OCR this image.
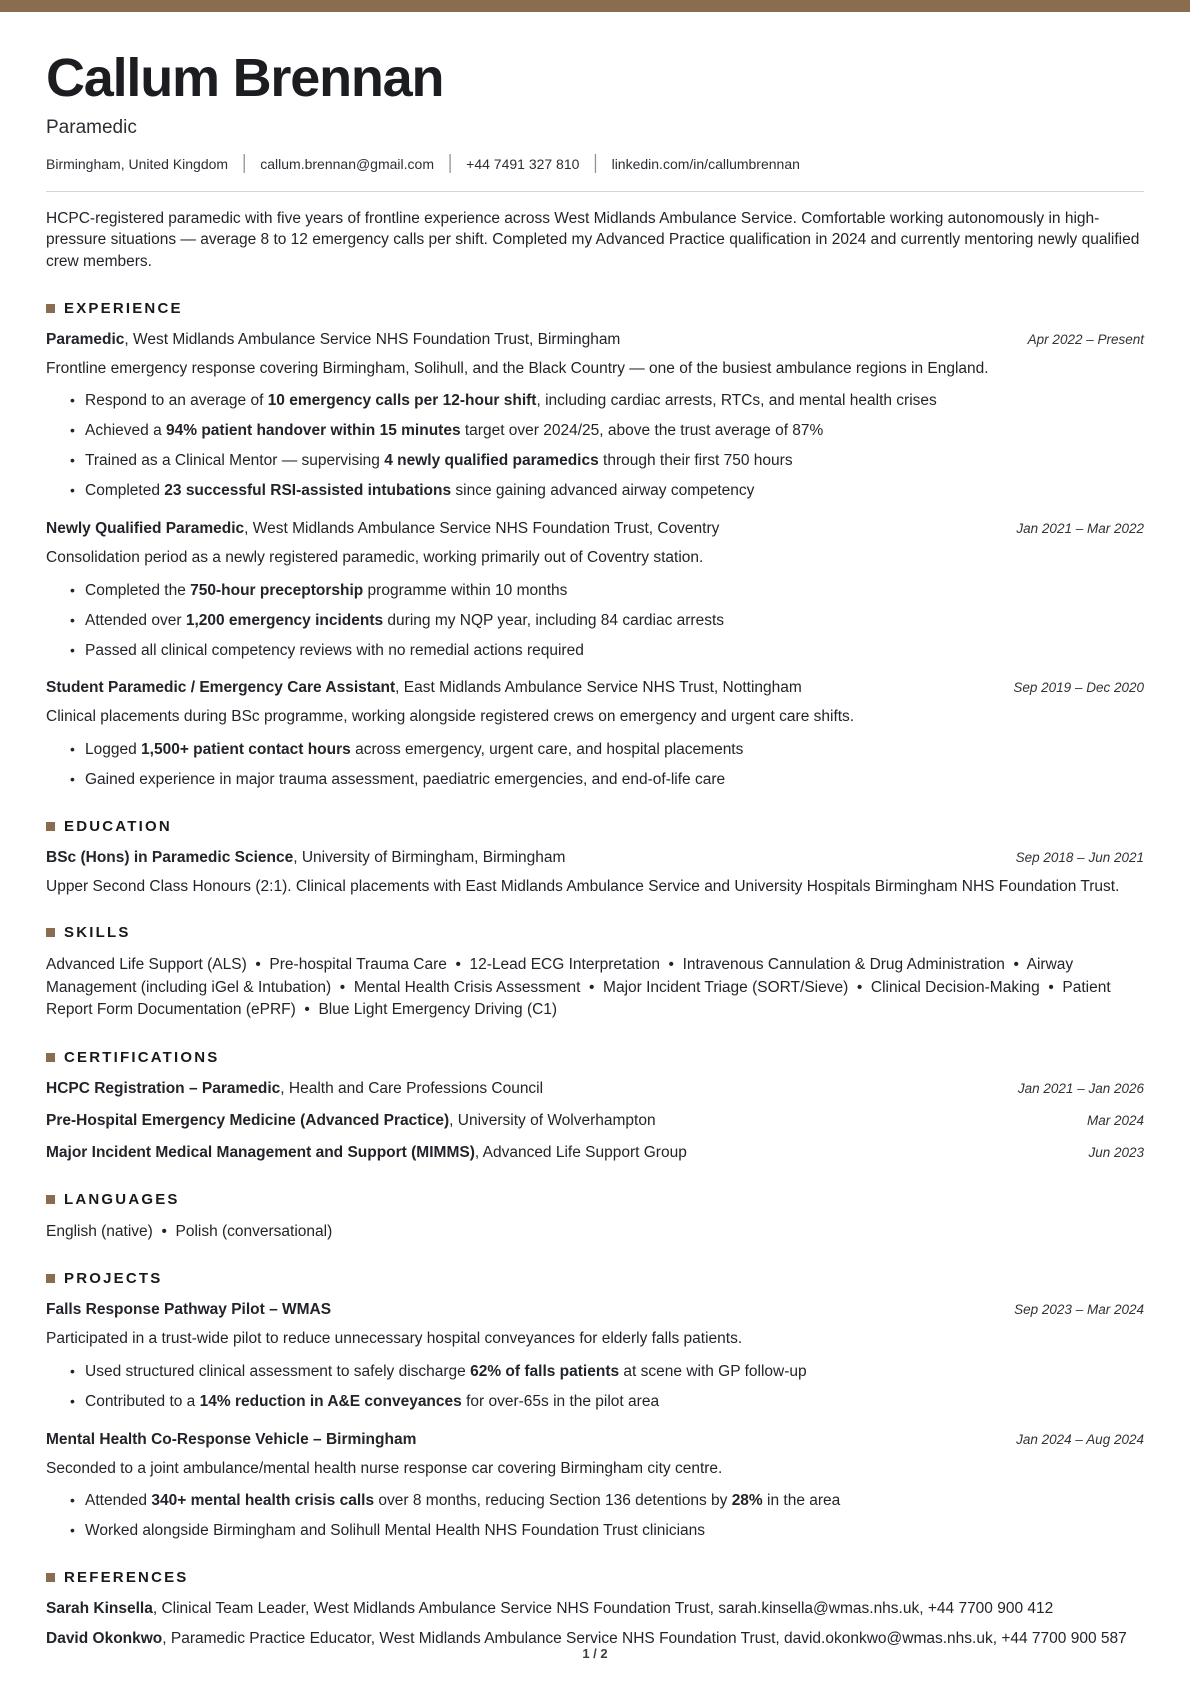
Callum Brennan

Paramedic

Birmingham, United Kingdom | callum.brennan@gmail.com | +44 7491 327 810 | linkedin.com/in/callumbrennan

HCPC-registered paramedic with five years of frontline experience across West Midlands Ambulance Service. Comfortable working autonomously in high-pressure situations — average 8 to 12 emergency calls per shift. Completed my Advanced Practice qualification in 2024 and currently mentoring newly qualified crew members.

EXPERIENCE

Paramedic, West Midlands Ambulance Service NHS Foundation Trust, Birmingham	Apr 2022 – Present

Frontline emergency response covering Birmingham, Solihull, and the Black Country — one of the busiest ambulance regions in England.

• Respond to an average of 10 emergency calls per 12-hour shift, including cardiac arrests, RTCs, and mental health crises
• Achieved a 94% patient handover within 15 minutes target over 2024/25, above the trust average of 87%
• Trained as a Clinical Mentor — supervising 4 newly qualified paramedics through their first 750 hours
• Completed 23 successful RSI-assisted intubations since gaining advanced airway competency

Newly Qualified Paramedic, West Midlands Ambulance Service NHS Foundation Trust, Coventry	Jan 2021 – Mar 2022

Consolidation period as a newly registered paramedic, working primarily out of Coventry station.

• Completed the 750-hour preceptorship programme within 10 months
• Attended over 1,200 emergency incidents during my NQP year, including 84 cardiac arrests
• Passed all clinical competency reviews with no remedial actions required

Student Paramedic / Emergency Care Assistant, East Midlands Ambulance Service NHS Trust, Nottingham	Sep 2019 – Dec 2020

Clinical placements during BSc programme, working alongside registered crews on emergency and urgent care shifts.

• Logged 1,500+ patient contact hours across emergency, urgent care, and hospital placements
• Gained experience in major trauma assessment, paediatric emergencies, and end-of-life care
EDUCATION

BSc (Hons) in Paramedic Science, University of Birmingham, Birmingham	Sep 2018 – Jun 2021

Upper Second Class Honours (2:1). Clinical placements with East Midlands Ambulance Service and University Hospitals Birmingham NHS Foundation Trust.

SKILLS

Advanced Life Support (ALS)  •  Pre-hospital Trauma Care  •  12-Lead ECG Interpretation  •  Intravenous Cannulation & Drug Administration  •  Airway Management (including iGel & Intubation)  •  Mental Health Crisis Assessment  •  Major Incident Triage (SORT/Sieve)  •  Clinical Decision-Making  •  Patient Report Form Documentation (ePRF)  •  Blue Light Emergency Driving (C1)

CERTIFICATIONS

HCPC Registration – Paramedic, Health and Care Professions Council	Jan 2021 – Jan 2026

Pre-Hospital Emergency Medicine (Advanced Practice), University of Wolverhampton	Mar 2024

Major Incident Medical Management and Support (MIMMS), Advanced Life Support Group	Jun 2023
LANGUAGES

English (native)  •  Polish (conversational)

PROJECTS

Falls Response Pathway Pilot – WMAS	Sep 2023 – Mar 2024

Participated in a trust-wide pilot to reduce unnecessary hospital conveyances for elderly falls patients.

• Used structured clinical assessment to safely discharge 62% of falls patients at scene with GP follow-up
• Contributed to a 14% reduction in A&E conveyances for over-65s in the pilot area

Mental Health Co-Response Vehicle – Birmingham	Jan 2024 – Aug 2024

Seconded to a joint ambulance/mental health nurse response car covering Birmingham city centre.

• Attended 340+ mental health crisis calls over 8 months, reducing Section 136 detentions by 28% in the area
• Worked alongside Birmingham and Solihull Mental Health NHS Foundation Trust clinicians
REFERENCES

Sarah Kinsella, Clinical Team Leader, West Midlands Ambulance Service NHS Foundation Trust, sarah.kinsella@wmas.nhs.uk, +44 7700 900 412

David Okonkwo, Paramedic Practice Educator, West Midlands Ambulance Service NHS Foundation Trust, david.okonkwo@wmas.nhs.uk, +44 7700 900 587

1 / 2
